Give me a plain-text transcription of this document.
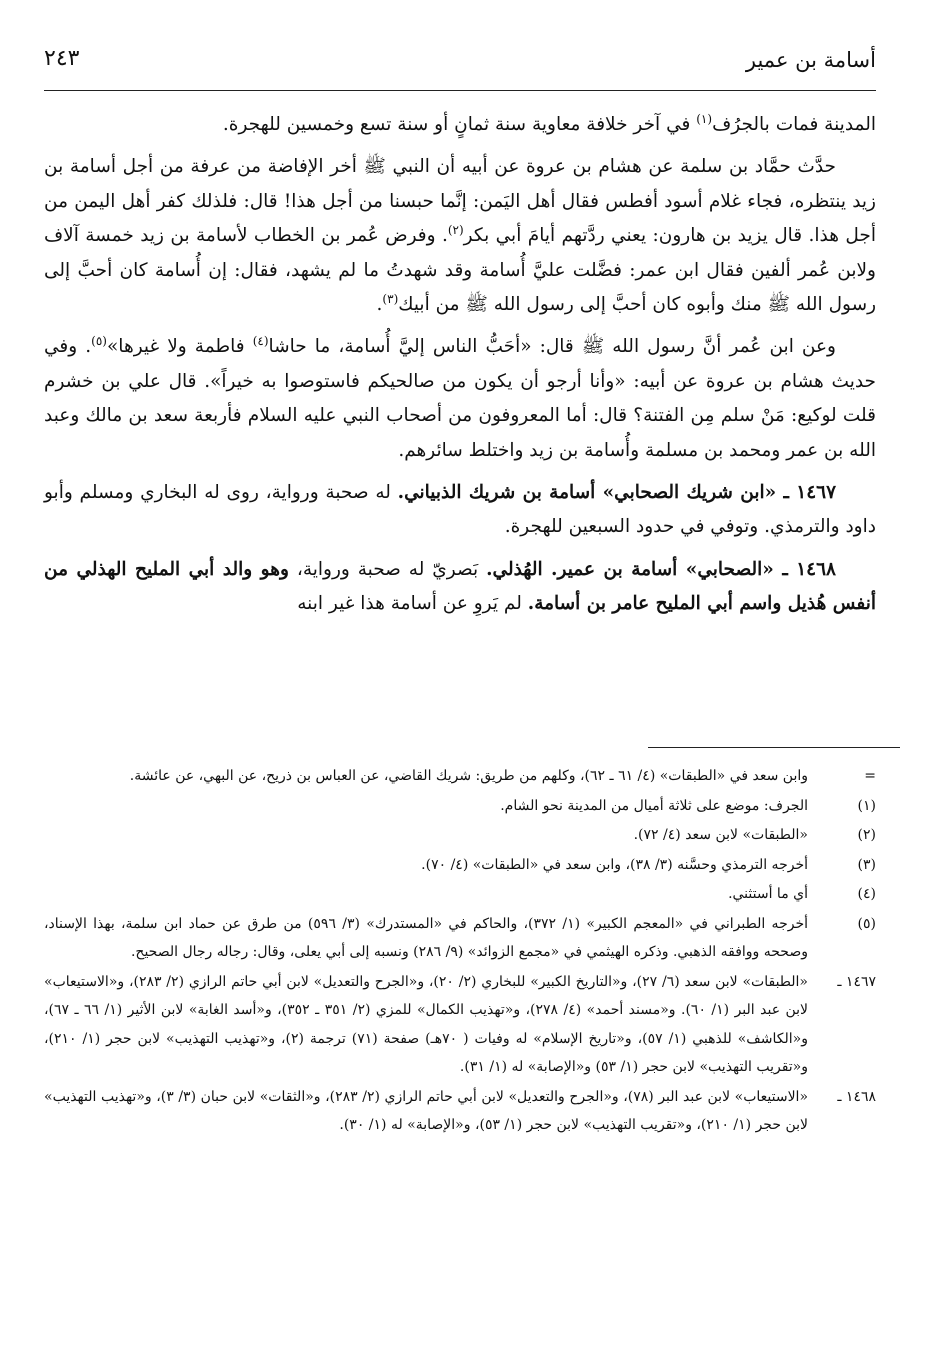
أسامة بن عمير
٢٤٣

المدينة فمات بالجرُف$^{(١)}$ في آخر خلافة معاوية سنة ثمانٍ أو سنة تسع وخمسين للهجرة.

حدَّث حمَّاد بن سلمة عن هشام بن عروة عن أبيه أن النبي ﷺ أخر الإفاضة من عرفة من أجل أسامة بن زيد ينتظره، فجاء غلام أسود أفطس فقال أهل اليَمن: إنَّما حبسنا من أجل هذا! قال: فلذلك كفر أهل اليمن من أجل هذا. قال يزيد بن هارون: يعني ردَّتهم أيامَ أبي بكر$^{(٢)}$. وفرض عُمر بن الخطاب لأسامة بن زيد خمسة آلاف ولابن عُمر ألفين فقال ابن عمر: فضَّلت عليَّ أُسامة وقد شهدتُ ما لم يشهد، فقال: إن أُسامة كان أحبَّ إلى رسول الله ﷺ منك وأبوه كان أحبَّ إلى رسول الله ﷺ من أبيك$^{(٣)}$.

وعن ابن عُمر أنَّ رسول الله ﷺ قال: «أحَبُّ الناس إليَّ أُسامة، ما حاشا$^{(٤)}$ فاطمة ولا غيرها»$^{(٥)}$. وفي حديث هشام بن عروة عن أبيه: «وأنا أرجو أن يكون من صالحيكم فاستوصوا به خيراً». قال علي بن خشرم قلت لوكيع: مَنْ سلم مِن الفتنة؟ قال: أما المعروفون من أصحاب النبي عليه السلام فأربعة سعد بن مالك وعبد الله بن عمر ومحمد بن مسلمة وأُسامة بن زيد واختلط سائرهم.

١٤٦٧ ـ «ابن شريك الصحابي» أسامة بن شريك الذبياني. له صحبة ورواية، روى له البخاري ومسلم وأبو داود والترمذي. وتوفي في حدود السبعين للهجرة.

١٤٦٨ ـ «الصحابي» أسامة بن عمير. الهُذلي. بَصريّ له صحبة ورواية، وهو والد أبي المليح الهذلي من أنفس هُذيل واسم أبي المليح عامر بن أسامة. لم يَروِ عن أسامة هذا غير ابنه

=
وابن سعد في «الطبقات» (٤/ ٦١ ـ ٦٢)، وكلهم من طريق: شريك القاضي، عن العباس بن ذريح، عن البهي، عن عائشة.
(١)
الجرف: موضع على ثلاثة أميال من المدينة نحو الشام.
(٢)
«الطبقات» لابن سعد (٤/ ٧٢).
(٣)
أخرجه الترمذي وحسَّنه (٣/ ٣٨)، وابن سعد في «الطبقات» (٤/ ٧٠).
(٤)
أي ما أستثني.
(٥)
أخرجه الطبراني في «المعجم الكبير» (١/ ٣٧٢)، والحاكم في «المستدرك» (٣/ ٥٩٦) من طرق عن حماد ابن سلمة، بهذا الإسناد، وصححه ووافقه الذهبي. وذكره الهيثمي في «مجمع الزوائد» (٩/ ٢٨٦) ونسبه إلى أبي يعلى، وقال: رجاله رجال الصحيح.
١٤٦٧ ـ
«الطبقات» لابن سعد (٦/ ٢٧)، و«التاريخ الكبير» للبخاري (٢/ ٢٠)، و«الجرح والتعديل» لابن أبي حاتم الرازي (٢/ ٢٨٣)، و«الاستيعاب» لابن عبد البر (١/ ٦٠). و«مسند أحمد» (٤/ ٢٧٨)، و«تهذيب الكمال» للمزي (٢/ ٣٥١ ـ ٣٥٢)، و«أسد الغابة» لابن الأثير (١/ ٦٦ ـ ٦٧)، و«الكاشف» للذهبي (١/ ٥٧)، و«تاريخ الإسلام» له وفيات ( ٧٠هـ) صفحة (٧١) ترجمة (٢)، و«تهذيب التهذيب» لابن حجر (١/ ٢١٠)، و«تقريب التهذيب» لابن حجر (١/ ٥٣) و«الإصابة» له (١/ ٣١).
١٤٦٨ ـ
«الاستيعاب» لابن عبد البر (٧٨)، و«الجرح والتعديل» لابن أبي حاتم الرازي (٢/ ٢٨٣)، و«الثقات» لابن حبان (٣/ ٣)، و«تهذيب التهذيب» لابن حجر (١/ ٢١٠)، و«تقريب التهذيب» لابن حجر (١/ ٥٣)، و«الإصابة» له (١/ ٣٠).
